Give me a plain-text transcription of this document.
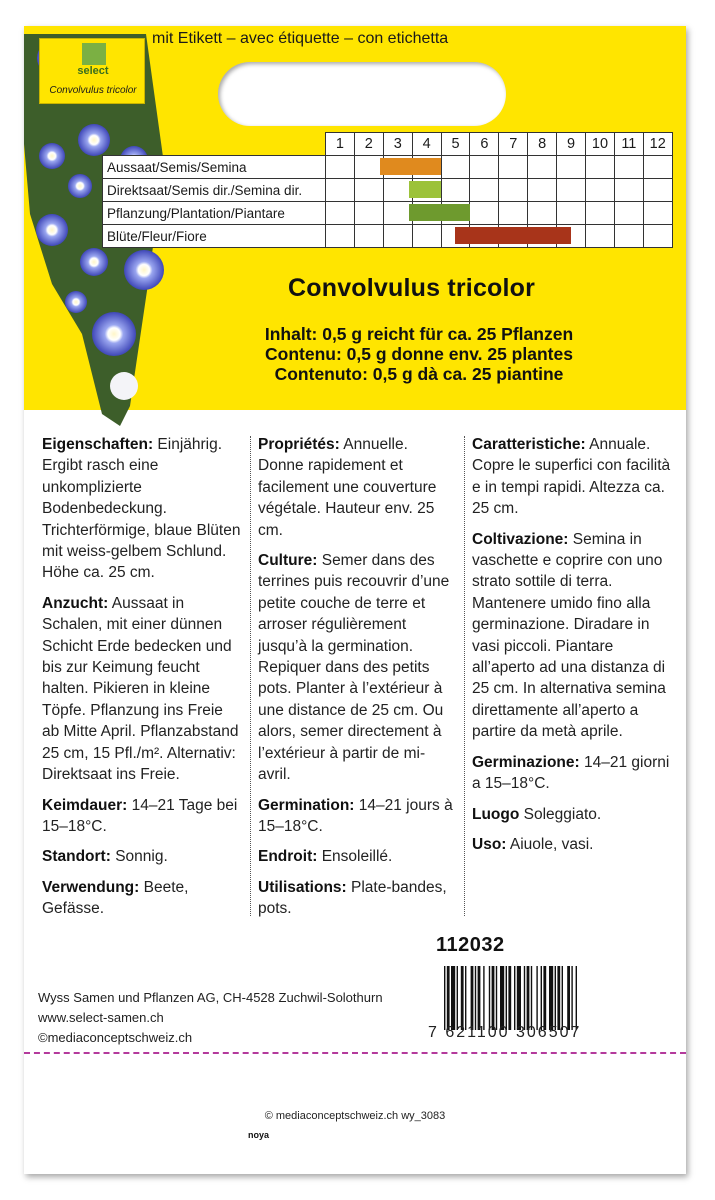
mit Etikett – avec étiquette – con etichetta
select
Convolvulus tricolor
	1	2	3	4	5	6	7	8	9	10	11	12
Aussaat/Semis/Semina												
Direktsaat/Semis dir./Semina dir.												
Pflanzung/Plantation/Piantare												
Blüte/Fleur/Fiore												
Convolvulus tricolor
Inhalt: 0,5 g reicht für ca. 25 Pflanzen
Contenu: 0,5 g donne env. 25 plantes
Contenuto: 0,5 g dà ca. 25 piantine

Eigenschaften: Einjährig. Ergibt rasch eine unkomplizierte Bodenbedeckung. Trichterförmige, blaue Blüten mit weiss-gelbem Schlund. Höhe ca. 25 cm.

Anzucht: Aussaat in Schalen, mit einer dünnen Schicht Erde bedecken und bis zur Keimung feucht halten. Pikieren in kleine Töpfe. Pflanzung ins Freie ab Mitte April. Pflanzabstand 25 cm, 15 Pfl./m². Alternativ: Direktsaat ins Freie.

Keimdauer: 14–21 Tage bei 15–18°C.

Standort: Sonnig.

Verwendung: Beete, Gefässe.

Propriétés: Annuelle. Donne rapidement et facilement une couverture végétale. Hauteur env. 25 cm.

Culture: Semer dans des terrines puis recouvrir d’une petite couche de terre et arroser régulièrement jusqu’à la germination. Repiquer dans des petits pots. Planter à l’extérieur à une distance de 25 cm. Ou alors, semer directement à l’extérieur à partir de mi-avril.

Germination: 14–21 jours à 15–18°C.

Endroit: Ensoleillé.

Utilisations: Plate-bandes, pots.

Caratteristiche: Annuale. Copre le superfici con facilità e in tempi rapidi. Altezza ca. 25 cm.

Coltivazione: Semina in vaschette e coprire con uno strato sottile di terra. Mantenere umido fino alla germinazione. Diradare in vasi piccoli. Piantare all’aperto ad una distanza di 25 cm. In alternativa semina direttamente all’aperto a partire da metà aprile.

Germinazione: 14–21 giorni a 15–18°C.

Luogo Soleggiato.

Uso: Aiuole, vasi.

112032
7 621100 306507
Wyss Samen und Pflanzen AG, CH-4528 Zuchwil-Solothurn
www.select-samen.ch
©mediaconceptschweiz.ch
© mediaconceptschweiz.ch wy_3083
noya
